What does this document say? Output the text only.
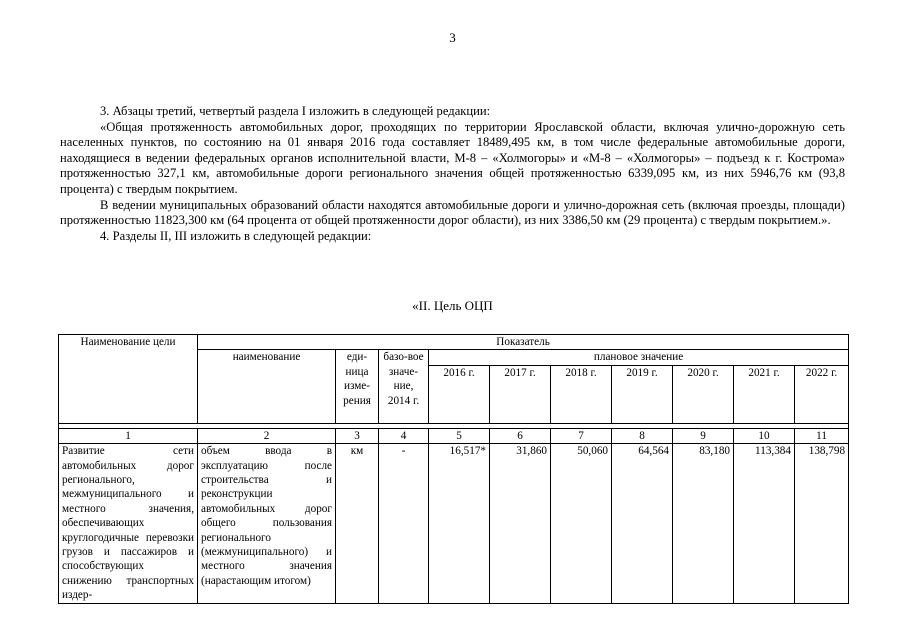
3

3. Абзацы третий, четвертый раздела I изложить в следующей редакции:

«Общая протяженность автомобильных дорог, проходящих по территории Ярославской области, включая улично-дорожную сеть населенных пунктов, по состоянию на 01 января 2016 года составляет 18489,495 км, в том числе федеральные автомобильные дороги, находящиеся в ведении федеральных органов исполнительной власти, М-8 – «Холмогоры» и «М-8 – «Холмогоры» – подъезд к г. Кострома» протяженностью 327,1 км, автомобильные дороги регионального значения общей протяженностью 6339,095 км, из них 5946,76 км (93,8 процента) с твердым покрытием.

В ведении муниципальных образований области находятся автомобильные дороги и улично-дорожная сеть (включая проезды, площади) протяженностью 11823,300 км (64 процента от общей протяженности дорог области), из них 3386,50 км (29 процента) с твердым покрытием.».

4. Разделы II, III изложить в следующей редакции:

«II. Цель ОЦП
Наименование цели	Показатель									
	наименование	еди-ница изме-рения	базо-вое значе-ние, 2014 г.	плановое значение						
				2016 г.	2017 г.	2018 г.	2019 г.	2020 г.	2021 г.	2022 г.

1	2	3	4	5	6	7	8	9	10	11
Развитие сети автомобильных дорог регионального, межмуниципального и местного значения, обеспечивающих круглогодичные перевозки грузов и пассажиров и способствующих снижению транспортных издер-	объем ввода в эксплуатацию после строительства и реконструкции автомобильных дорог общего пользования регионального (межмуниципального) и местного значения (нарастающим итогом)	км	-	16,517*	31,860	50,060	64,564	83,180	113,384	138,798
